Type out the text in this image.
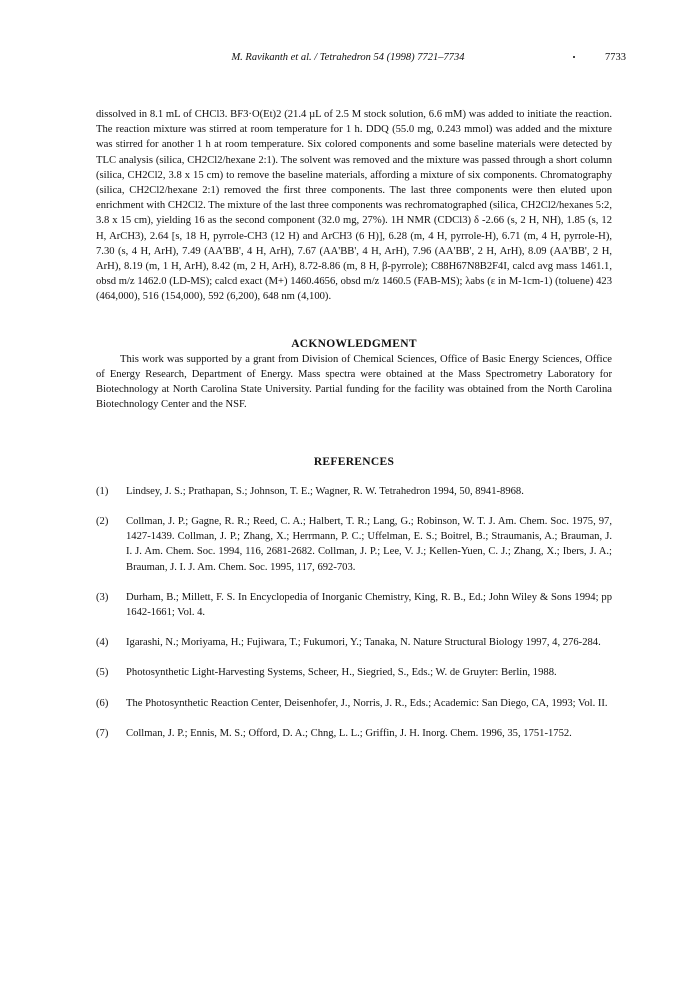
M. Ravikanth et al. / Tetrahedron 54 (1998) 7721–7734	7733

dissolved in 8.1 mL of CHCl3. BF3·O(Et)2 (21.4 µL of 2.5 M stock solution, 6.6 mM) was added to initiate the reaction. The reaction mixture was stirred at room temperature for 1 h. DDQ (55.0 mg, 0.243 mmol) was added and the mixture was stirred for another 1 h at room temperature. Six colored components and some baseline materials were detected by TLC analysis (silica, CH2Cl2/hexane 2:1). The solvent was removed and the mixture was passed through a short column (silica, CH2Cl2, 3.8 x 15 cm) to remove the baseline materials, affording a mixture of six components. Chromatography (silica, CH2Cl2/hexane 2:1) removed the first three components. The last three components were then eluted upon enrichment with CH2Cl2. The mixture of the last three components was rechromatographed (silica, CH2Cl2/hexanes 5:2, 3.8 x 15 cm), yielding 16 as the second component (32.0 mg, 27%). 1H NMR (CDCl3) δ -2.66 (s, 2 H, NH), 1.85 (s, 12 H, ArCH3), 2.64 [s, 18 H, pyrrole-CH3 (12 H) and ArCH3 (6 H)], 6.28 (m, 4 H, pyrrole-H), 6.71 (m, 4 H, pyrrole-H), 7.30 (s, 4 H, ArH), 7.49 (AA'BB', 4 H, ArH), 7.67 (AA'BB', 4 H, ArH), 7.96 (AA'BB', 2 H, ArH), 8.09 (AA'BB', 2 H, ArH), 8.19 (m, 1 H, ArH), 8.42 (m, 2 H, ArH), 8.72-8.86 (m, 8 H, β-pyrrole); C88H67N8B2F4I, calcd avg mass 1461.1, obsd m/z 1462.0 (LD-MS); calcd exact (M+) 1460.4656, obsd m/z 1460.5 (FAB-MS); λabs (ε in M-1cm-1) (toluene) 423 (464,000), 516 (154,000), 592 (6,200), 648 nm (4,100).

ACKNOWLEDGMENT

This work was supported by a grant from Division of Chemical Sciences, Office of Basic Energy Sciences, Office of Energy Research, Department of Energy. Mass spectra were obtained at the Mass Spectrometry Laboratory for Biotechnology at North Carolina State University. Partial funding for the facility was obtained from the North Carolina Biotechnology Center and the NSF.

REFERENCES
(1)	Lindsey, J. S.; Prathapan, S.; Johnson, T. E.; Wagner, R. W. Tetrahedron 1994, 50, 8941-8968.
(2)	Collman, J. P.; Gagne, R. R.; Reed, C. A.; Halbert, T. R.; Lang, G.; Robinson, W. T. J. Am. Chem. Soc. 1975, 97, 1427-1439. Collman, J. P.; Zhang, X.; Herrmann, P. C.; Uffelman, E. S.; Boitrel, B.; Straumanis, A.; Brauman, J. I. J. Am. Chem. Soc. 1994, 116, 2681-2682. Collman, J. P.; Lee, V. J.; Kellen-Yuen, C. J.; Zhang, X.; Ibers, J. A.; Brauman, J. I. J. Am. Chem. Soc. 1995, 117, 692-703.
(3)	Durham, B.; Millett, F. S. In Encyclopedia of Inorganic Chemistry, King, R. B., Ed.; John Wiley & Sons 1994; pp 1642-1661; Vol. 4.
(4)	Igarashi, N.; Moriyama, H.; Fujiwara, T.; Fukumori, Y.; Tanaka, N. Nature Structural Biology 1997, 4, 276-284.
(5)	Photosynthetic Light-Harvesting Systems, Scheer, H., Siegried, S., Eds.; W. de Gruyter: Berlin, 1988.
(6)	The Photosynthetic Reaction Center, Deisenhofer, J., Norris, J. R., Eds.; Academic: San Diego, CA, 1993; Vol. II.
(7)	Collman, J. P.; Ennis, M. S.; Offord, D. A.; Chng, L. L.; Griffin, J. H. Inorg. Chem. 1996, 35, 1751-1752.
